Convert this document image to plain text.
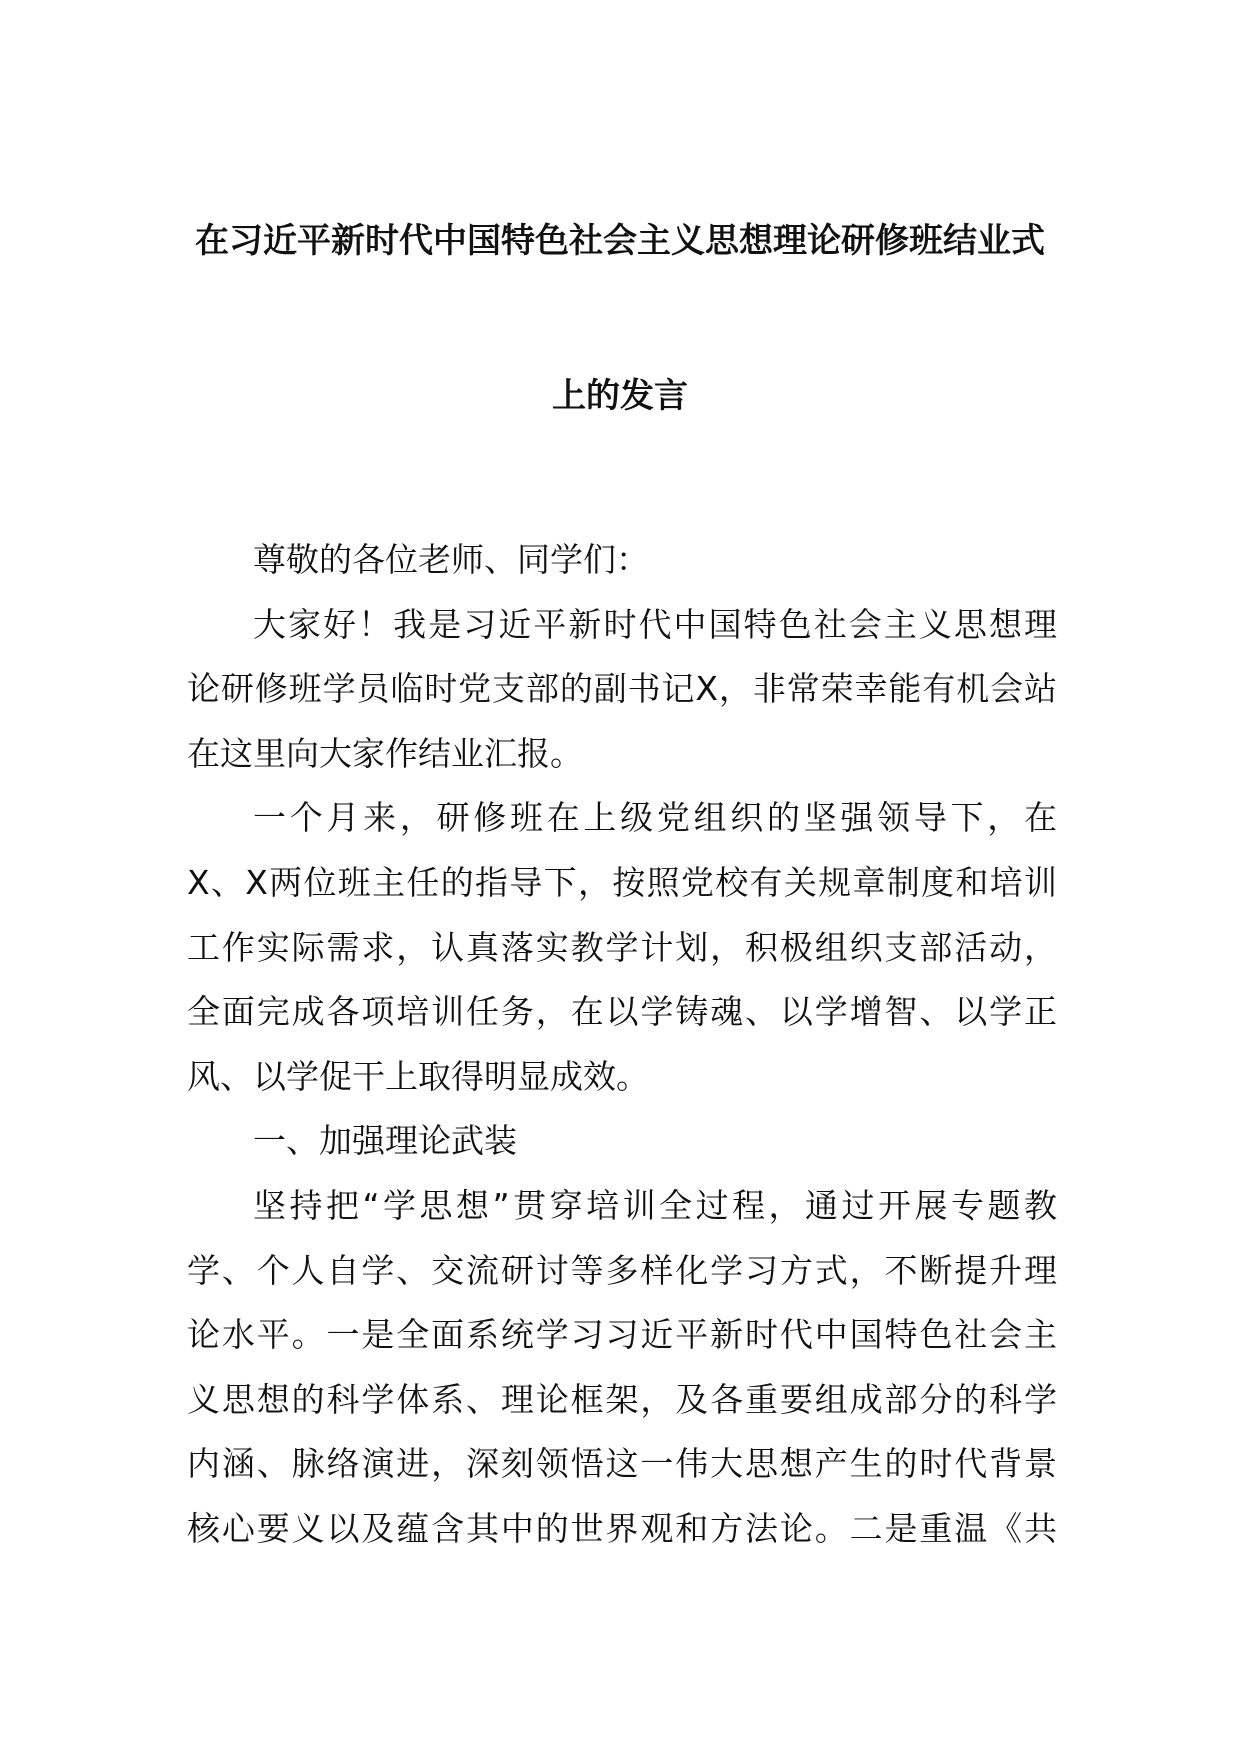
在习近平新时代中国特色社会主义思想理论研修班结业式
上的发言
尊敬的各位老师、同学们：
大家好！我是习近平新时代中国特色社会主义思想理
论研修班学员临时党支部的副书记X，非常荣幸能有机会站
在这里向大家作结业汇报。
一个月来，研修班在上级党组织的坚强领导下，在
X、X两位班主任的指导下，按照党校有关规章制度和培训
工作实际需求，认真落实教学计划，积极组织支部活动，
全面完成各项培训任务，在以学铸魂、以学增智、以学正
风、以学促干上取得明显成效。
一、加强理论武装
坚持把“学思想”贯穿培训全过程，通过开展专题教
学、个人自学、交流研讨等多样化学习方式，不断提升理
论水平。一是全面系统学习习近平新时代中国特色社会主
义思想的科学体系、理论框架，及各重要组成部分的科学
内涵、脉络演进，深刻领悟这一伟大思想产生的时代背景
核心要义以及蕴含其中的世界观和方法论。二是重温《共
